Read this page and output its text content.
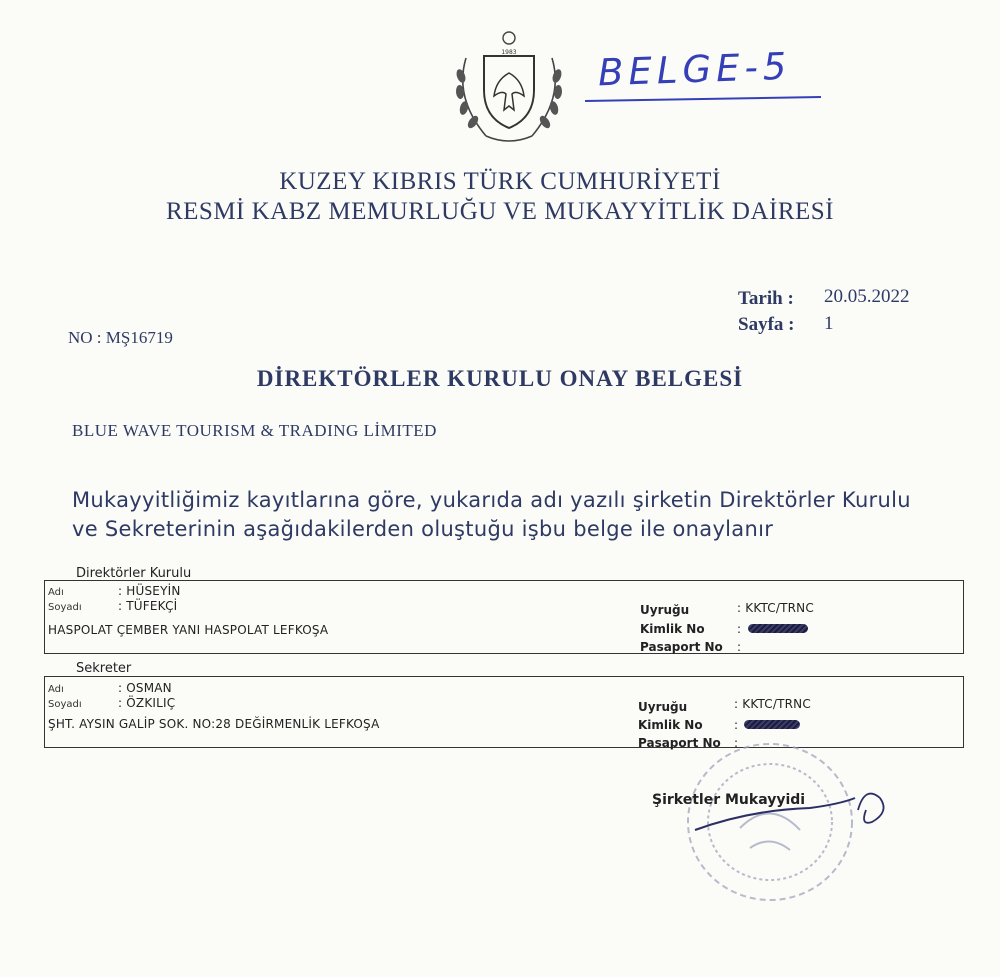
1983 BELGE-5
KUZEY KIBRIS TÜRK CUMHURİYETİ
RESMİ KABZ MEMURLUĞU VE MUKAYYİTLİK DAİRESİ
Tarih : 20.05.2022
Sayfa : 1
NO : MŞ16719
DİREKTÖRLER KURULU ONAY BELGESİ
BLUE WAVE TOURISM & TRADING LİMITED
Mukayyitliğimiz kayıtlarına göre, yukarıda adı yazılı şirketin Direktörler Kurulu ve Sekreterinin aşağıdakilerden oluştuğu işbu belge ile onaylanır
Direktörler Kurulu
Adı	: HÜSEYİN
Soyadı	: TÜFEKÇİ
HASPOLAT ÇEMBER YANI HASPOLAT LEFKOŞA
Uyruğu	: KKTC/TRNC
Kimlik No	:
Pasaport No :
Sekreter
Adı	: OSMAN
Soyadı	: ÖZKILIÇ
ŞHT. AYSIN GALİP SOK. NO:28 DEĞİRMENLİK LEFKOŞA
Uyruğu	: KKTC/TRNC
Kimlik No	:
Pasaport No :
Şirketler Mukayyidi
